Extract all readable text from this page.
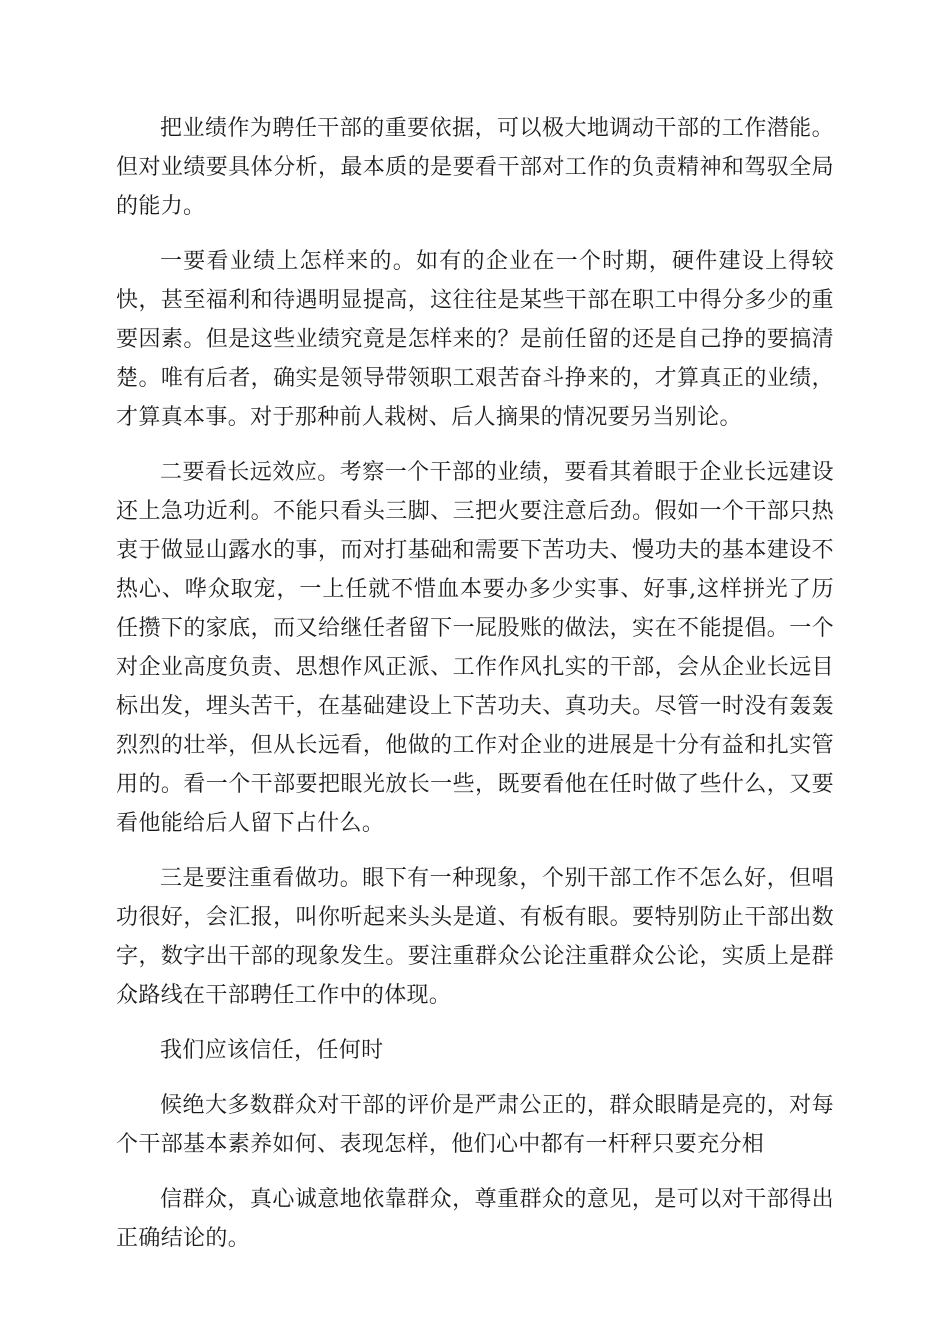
把业绩作为聘任干部的重要依据，可以极大地调动干部的工作潜能。但对业绩要具体分析，最本质的是要看干部对工作的负责精神和驾驭全局的能力。

一要看业绩上怎样来的。如有的企业在一个时期，硬件建设上得较快，甚至福利和待遇明显提高，这往往是某些干部在职工中得分多少的重要因素。但是这些业绩究竟是怎样来的？是前任留的还是自己挣的要搞清楚。唯有后者，确实是领导带领职工艰苦奋斗挣来的，才算真正的业绩，才算真本事。对于那种前人栽树、后人摘果的情况要另当别论。

二要看长远效应。考察一个干部的业绩，要看其着眼于企业长远建设还上急功近利。不能只看头三脚、三把火要注意后劲。假如一个干部只热衷于做显山露水的事，而对打基础和需要下苦功夫、慢功夫的基本建设不热心、哗众取宠，一上任就不惜血本要办多少实事、好事,这样拼光了历任攒下的家底，而又给继任者留下一屁股账的做法，实在不能提倡。一个对企业高度负责、思想作风正派、工作作风扎实的干部，会从企业长远目标出发，埋头苦干，在基础建设上下苦功夫、真功夫。尽管一时没有轰轰烈烈的壮举，但从长远看，他做的工作对企业的进展是十分有益和扎实管用的。看一个干部要把眼光放长一些，既要看他在任时做了些什么，又要看他能给后人留下占什么。

三是要注重看做功。眼下有一种现象，个别干部工作不怎么好，但唱功很好，会汇报，叫你听起来头头是道、有板有眼。要特别防止干部出数字，数字出干部的现象发生。要注重群众公论注重群众公论，实质上是群众路线在干部聘任工作中的体现。

我们应该信任，任何时

候绝大多数群众对干部的评价是严肃公正的，群众眼睛是亮的，对每个干部基本素养如何、表现怎样，他们心中都有一杆秤只要充分相

信群众，真心诚意地依靠群众，尊重群众的意见，是可以对干部得出正确结论的。
